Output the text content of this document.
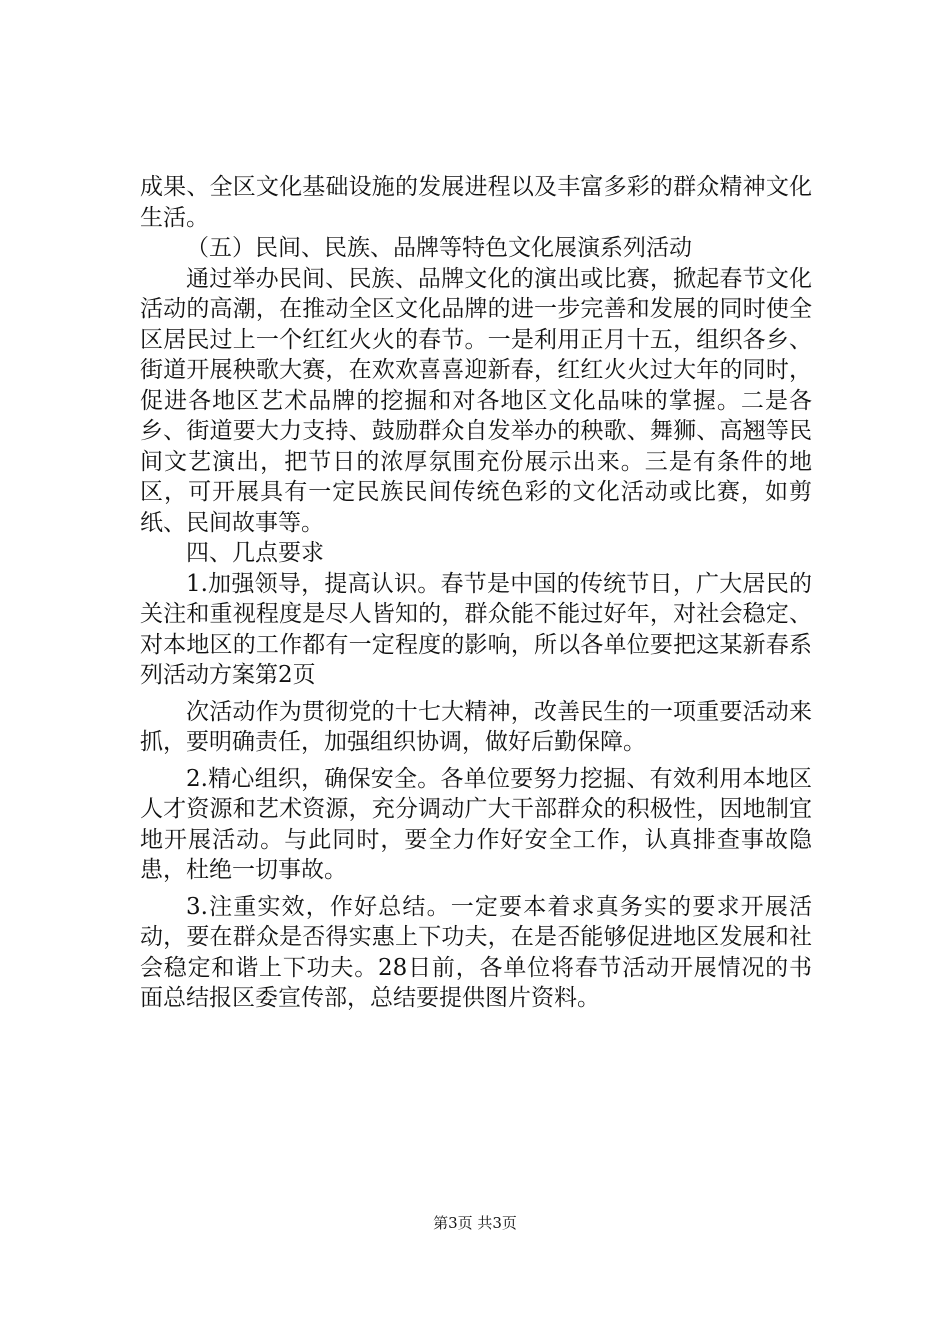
成果、全区文化基础设施的发展进程以及丰富多彩的群众精神文化生活。

（五）民间、民族、品牌等特色文化展演系列活动

通过举办民间、民族、品牌文化的演出或比赛，掀起春节文化活动的高潮，在推动全区文化品牌的进一步完善和发展的同时使全区居民过上一个红红火火的春节。一是利用正月十五，组织各乡、街道开展秧歌大赛，在欢欢喜喜迎新春，红红火火过大年的同时，促进各地区艺术品牌的挖掘和对各地区文化品味的掌握。二是各乡、街道要大力支持、鼓励群众自发举办的秧歌、舞狮、高翘等民间文艺演出，把节日的浓厚氛围充份展示出来。三是有条件的地区，可开展具有一定民族民间传统色彩的文化活动或比赛，如剪纸、民间故事等。

四、几点要求

1.加强领导，提高认识。春节是中国的传统节日，广大居民的关注和重视程度是尽人皆知的，群众能不能过好年，对社会稳定、对本地区的工作都有一定程度的影响，所以各单位要把这某新春系列活动方案第2页

次活动作为贯彻党的十七大精神，改善民生的一项重要活动来抓，要明确责任，加强组织协调，做好后勤保障。

2.精心组织，确保安全。各单位要努力挖掘、有效利用本地区人才资源和艺术资源，充分调动广大干部群众的积极性，因地制宜地开展活动。与此同时，要全力作好安全工作，认真排查事故隐患，杜绝一切事故。

3.注重实效，作好总结。一定要本着求真务实的要求开展活动，要在群众是否得实惠上下功夫，在是否能够促进地区发展和社会稳定和谐上下功夫。28日前，各单位将春节活动开展情况的书面总结报区委宣传部，总结要提供图片资料。

第3页 共3页
